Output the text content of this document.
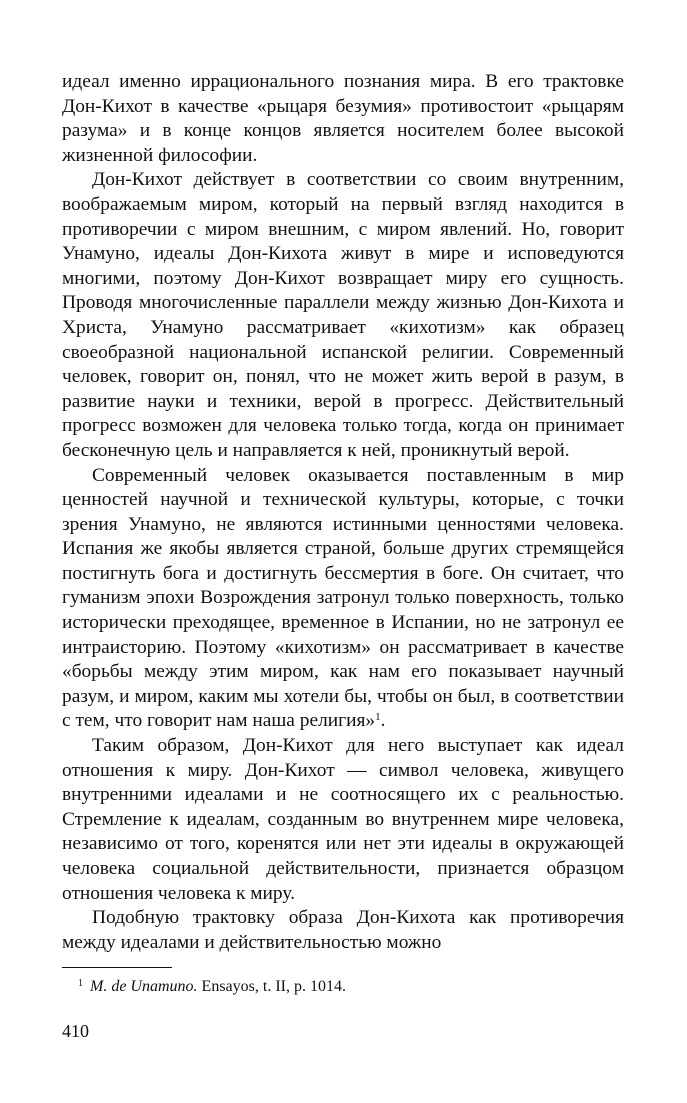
идеал именно иррационального познания мира. В его трактовке Дон-Кихот в качестве «рыцаря безумия» противостоит «рыцарям разума» и в конце концов является носителем более высокой жизненной философии.

Дон-Кихот действует в соответствии со своим внутренним, воображаемым миром, который на первый взгляд находится в противоречии с миром внешним, с миром явлений. Но, говорит Унамуно, идеалы Дон-Кихота живут в мире и исповедуются многими, поэтому Дон-Кихот возвращает миру его сущность. Проводя многочисленные параллели между жизнью Дон-Кихота и Христа, Унамуно рассматривает «кихотизм» как образец своеобразной национальной испанской религии. Современный человек, говорит он, понял, что не может жить верой в разум, в развитие науки и техники, верой в прогресс. Действительный прогресс возможен для человека только тогда, когда он принимает бесконечную цель и направляется к ней, проникнутый верой.

Современный человек оказывается поставленным в мир ценностей научной и технической культуры, которые, с точки зрения Унамуно, не являются истинными ценностями человека. Испания же якобы является страной, больше других стремящейся постигнуть бога и достигнуть бессмертия в боге. Он считает, что гуманизм эпохи Возрождения затронул только поверхность, только исторически преходящее, временное в Испании, но не затронул ее интраисторию. Поэтому «кихотизм» он рассматривает в качестве «борьбы между этим миром, как нам его показывает научный разум, и миром, каким мы хотели бы, чтобы он был, в соответствии с тем, что говорит нам наша религия»$^1$.

Таким образом, Дон-Кихот для него выступает как идеал отношения к миру. Дон-Кихот — символ человека, живущего внутренними идеалами и не соотносящего их с реальностью. Стремление к идеалам, созданным во внутреннем мире человека, независимо от того, коренятся или нет эти идеалы в окружающей человека социальной действительности, признается образцом отношения человека к миру.

Подобную трактовку образа Дон-Кихота как противоречия между идеалами и действительностью можно

$^1$ M. de Unamuno. Ensayos, t. II, p. 1014.
410
